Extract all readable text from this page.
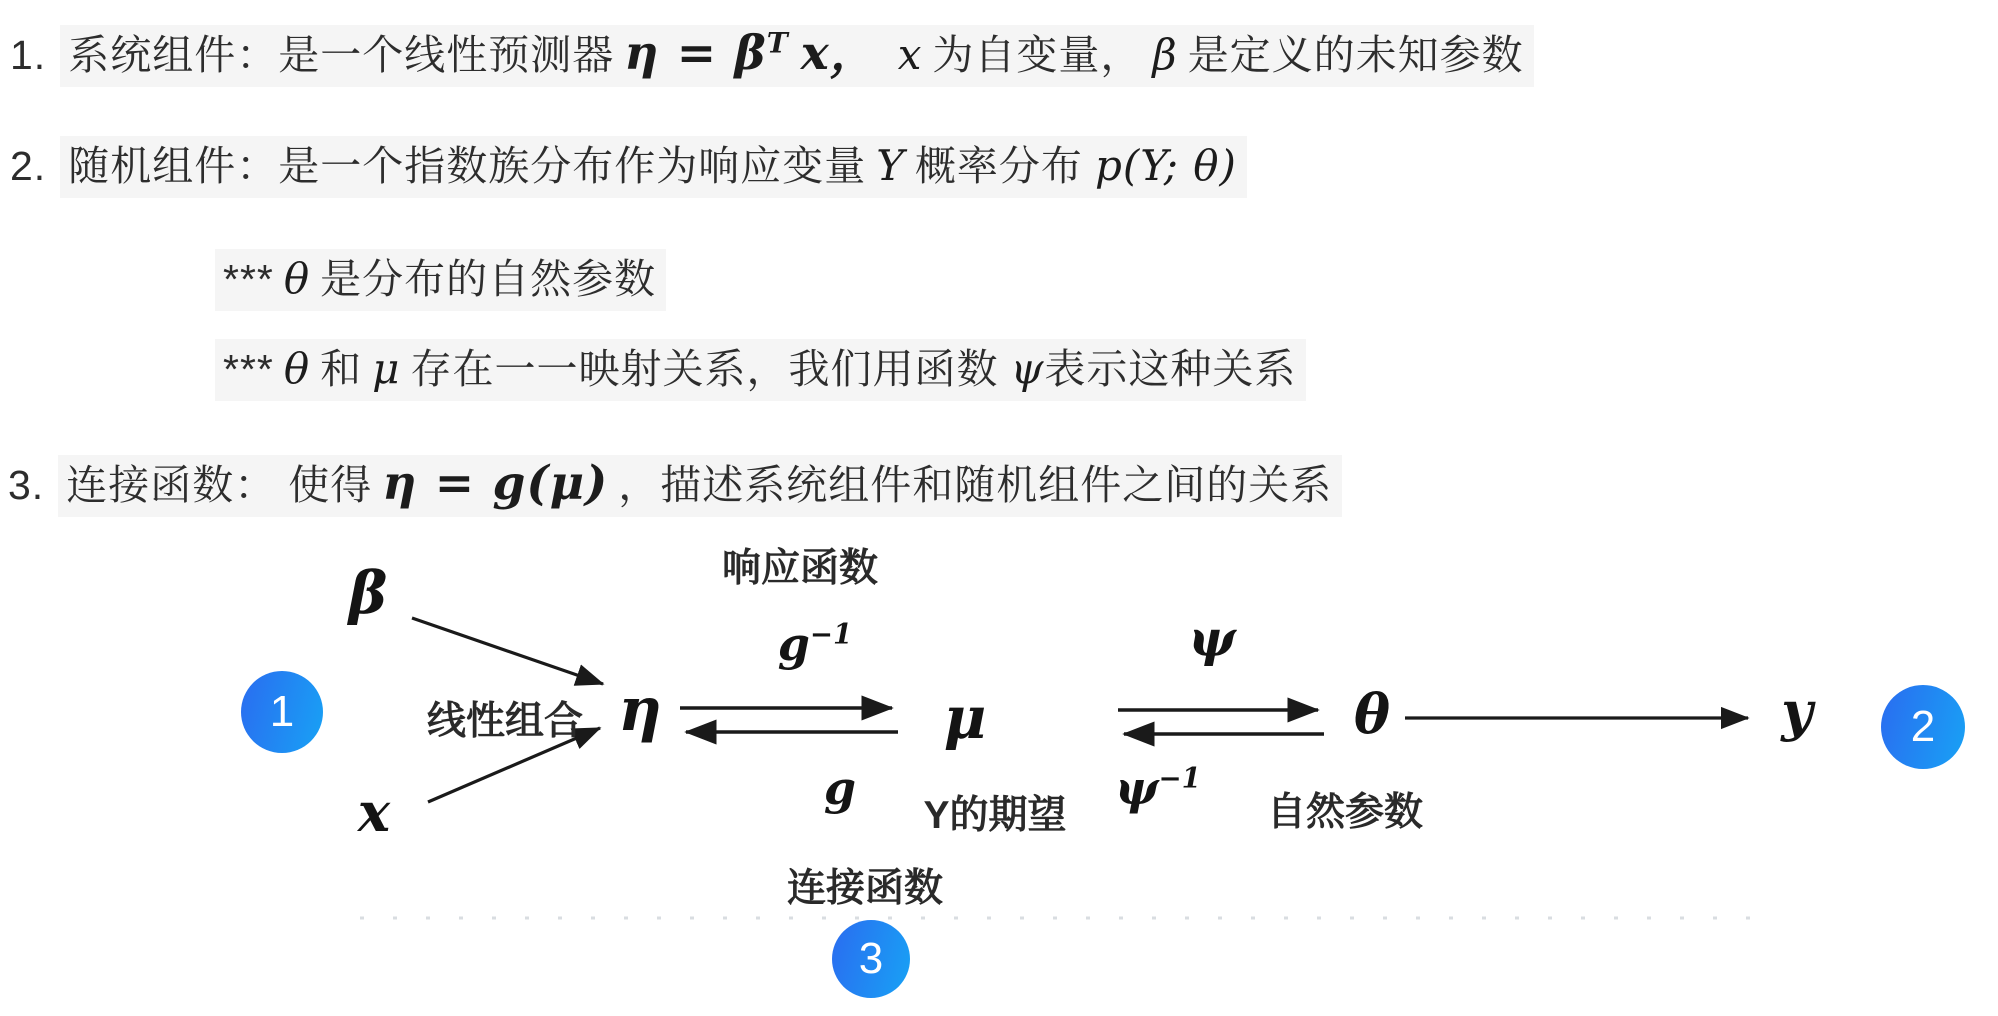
1. 系统组件：是一个线性预测器 $\eta = \beta^T$ x， x 为自变量， β 是定义的未知参数
2. 随机组件：是一个指数族分布作为响应变量 Y 概率分布 p(Y; θ)
*** θ 是分布的自然参数
*** θ 和 μ 存在一一映射关系，我们用函数 ψ表示这种关系
3. 连接函数： 使得 η = g(μ) ，描述系统组件和随机组件之间的关系
响应函数
β
$g^{-1}$	ψ
线性组合 η	μ	θ	y
x	g
Y的期望
$\psi^{-1}$
自然参数
连接函数
1	2
3
